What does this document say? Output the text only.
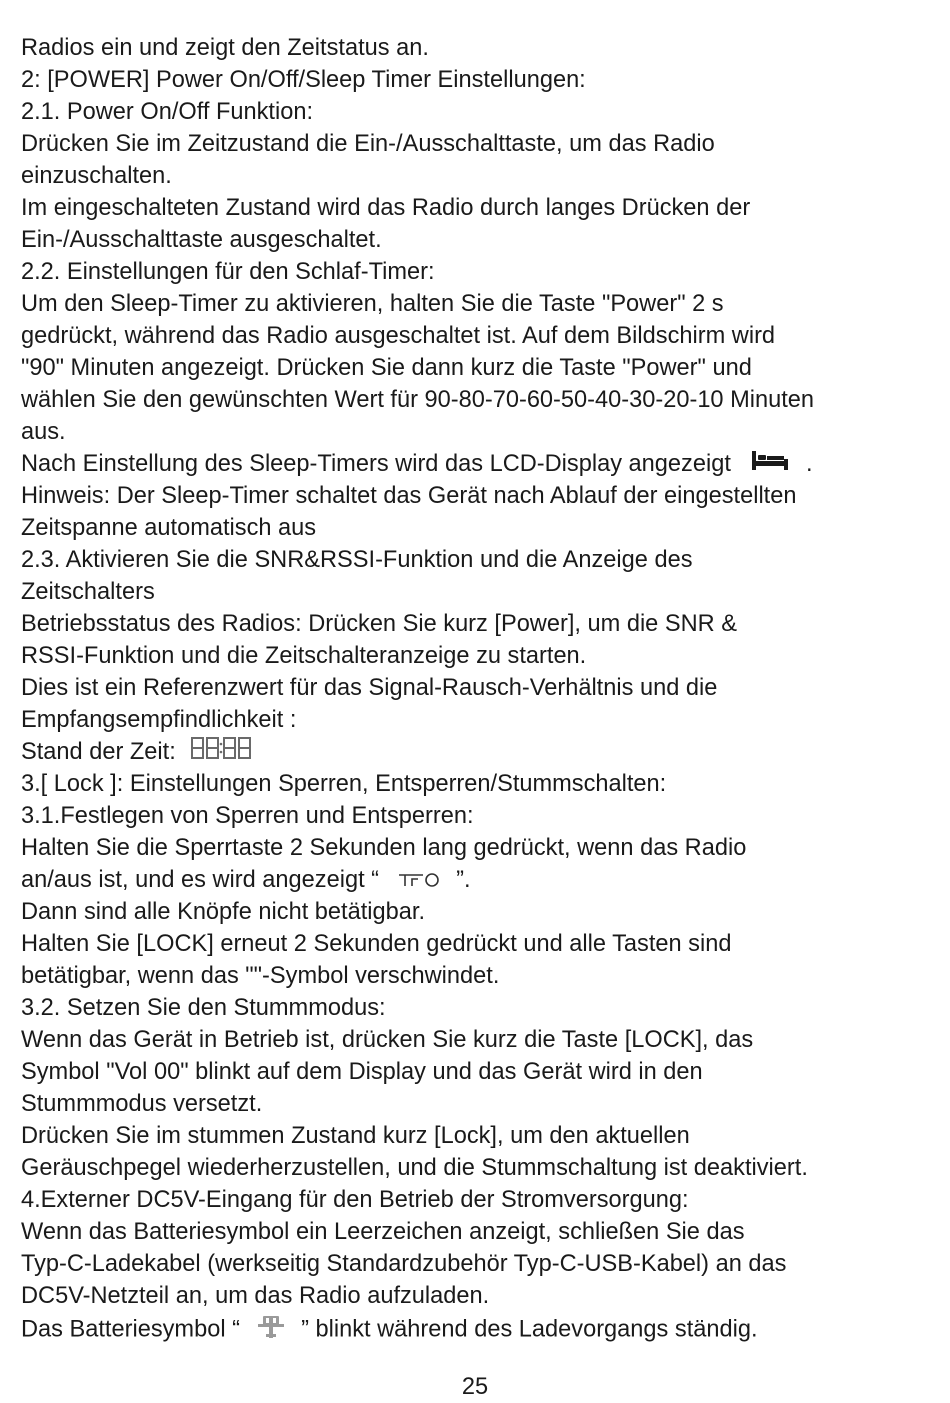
Radios ein und zeigt den Zeitstatus an.
2: [POWER] Power On/Off/Sleep Timer Einstellungen:
2.1. Power On/Off Funktion:
Drücken Sie im Zeitzustand die Ein-/Ausschalttaste, um das Radio
einzuschalten.
Im eingeschalteten Zustand wird das Radio durch langes Drücken der
Ein-/Ausschalttaste ausgeschaltet.
2.2. Einstellungen für den Schlaf-Timer:
Um den Sleep-Timer zu aktivieren, halten Sie die Taste "Power" 2 s
gedrückt, während das Radio ausgeschaltet ist. Auf dem Bildschirm wird
"90" Minuten angezeigt. Drücken Sie dann kurz die Taste "Power" und
wählen Sie den gewünschten Wert für 90-80-70-60-50-40-30-20-10 Minuten
aus.
Nach Einstellung des Sleep-Timers wird das LCD-Display angezeigt	.
Hinweis: Der Sleep-Timer schaltet das Gerät nach Ablauf der eingestellten
Zeitspanne automatisch aus
2.3. Aktivieren Sie die SNR&RSSI-Funktion und die Anzeige des
Zeitschalters
Betriebsstatus des Radios: Drücken Sie kurz [Power], um die SNR &
RSSI-Funktion und die Zeitschalteranzeige zu starten.
Dies ist ein Referenzwert für das Signal-Rausch-Verhältnis und die
Empfangsempfindlichkeit :
Stand der Zeit:
3.[ Lock ]: Einstellungen Sperren, Entsperren/Stummschalten:
3.1.Festlegen von Sperren und Entsperren:
Halten Sie die Sperrtaste 2 Sekunden lang gedrückt, wenn das Radio
an/aus ist, und es wird angezeigt “	”.
Dann sind alle Knöpfe nicht betätigbar.
Halten Sie [LOCK] erneut 2 Sekunden gedrückt und alle Tasten sind
betätigbar, wenn das ""-Symbol verschwindet.
3.2. Setzen Sie den Stummmodus:
Wenn das Gerät in Betrieb ist, drücken Sie kurz die Taste [LOCK], das
Symbol "Vol 00" blinkt auf dem Display und das Gerät wird in den
Stummmodus versetzt.
Drücken Sie im stummen Zustand kurz [Lock], um den aktuellen
Geräuschpegel wiederherzustellen, und die Stummschaltung ist deaktiviert.
4.Externer DC5V-Eingang für den Betrieb der Stromversorgung:
Wenn das Batteriesymbol ein Leerzeichen anzeigt, schließen Sie das
Typ-C-Ladekabel (werkseitig Standardzubehör Typ-C-USB-Kabel) an das
DC5V-Netzteil an, um das Radio aufzuladen.
Das Batteriesymbol “	” blinkt während des Ladevorgangs ständig.
25
